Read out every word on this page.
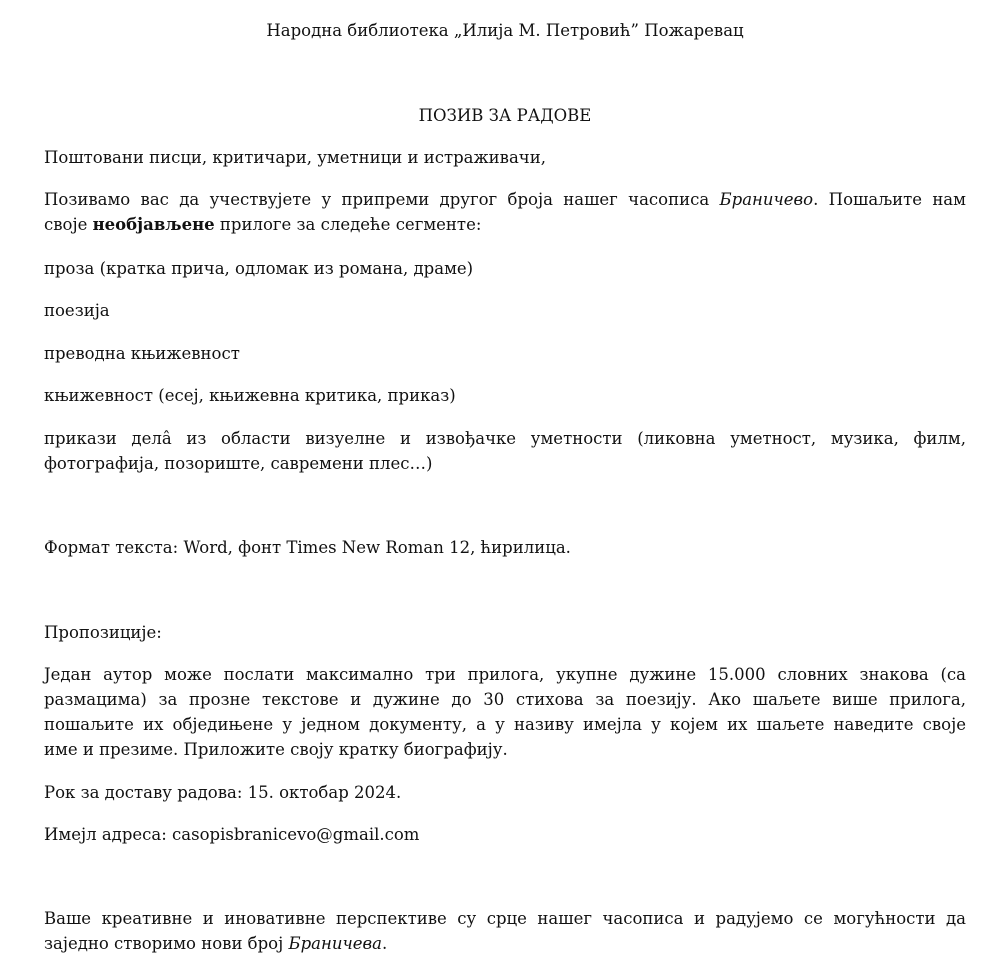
Народна библиотека „Илија М. Петровић” Пожаревац

ПОЗИВ ЗА РАДОВЕ

Поштовани писци, критичари, уметници и истраживачи,

Позивамо вас да учествујете у припреми другог броја нашег часописа Браничево. Пошаљите нам
своје необјављене прилоге за следеће сегменте:

проза (кратка прича, одломак из романа, драме)

поезија

преводна књижевност

књижевност (есеј, књижевна критика, приказ)

прикази делâ из области визуелне и извођачке уметности (ликовна уметност, музика, филм,
фотографија, позориште, савремени плес…)

Формат текста: Word, фонт Times New Roman 12, ћирилица.

Пропозиције:

Један аутор може послати максимално три прилога, укупне дужине 15.000 словних знакова (са
размацима) за прозне текстове и дужине до 30 стихова за поезију. Ако шаљете више прилога,
пошаљите их обједињене у једном документу, а у називу имејла у којем их шаљете наведите своје
име и презиме. Приложите своју кратку биографију.

Рок за доставу радова: 15. октобар 2024.

Имејл адреса: casopisbranicevo@gmail.com

Ваше креативне и иновативне перспективе су срце нашег часописа и радујемо се могућности да
заједно створимо нови број Браничева.
